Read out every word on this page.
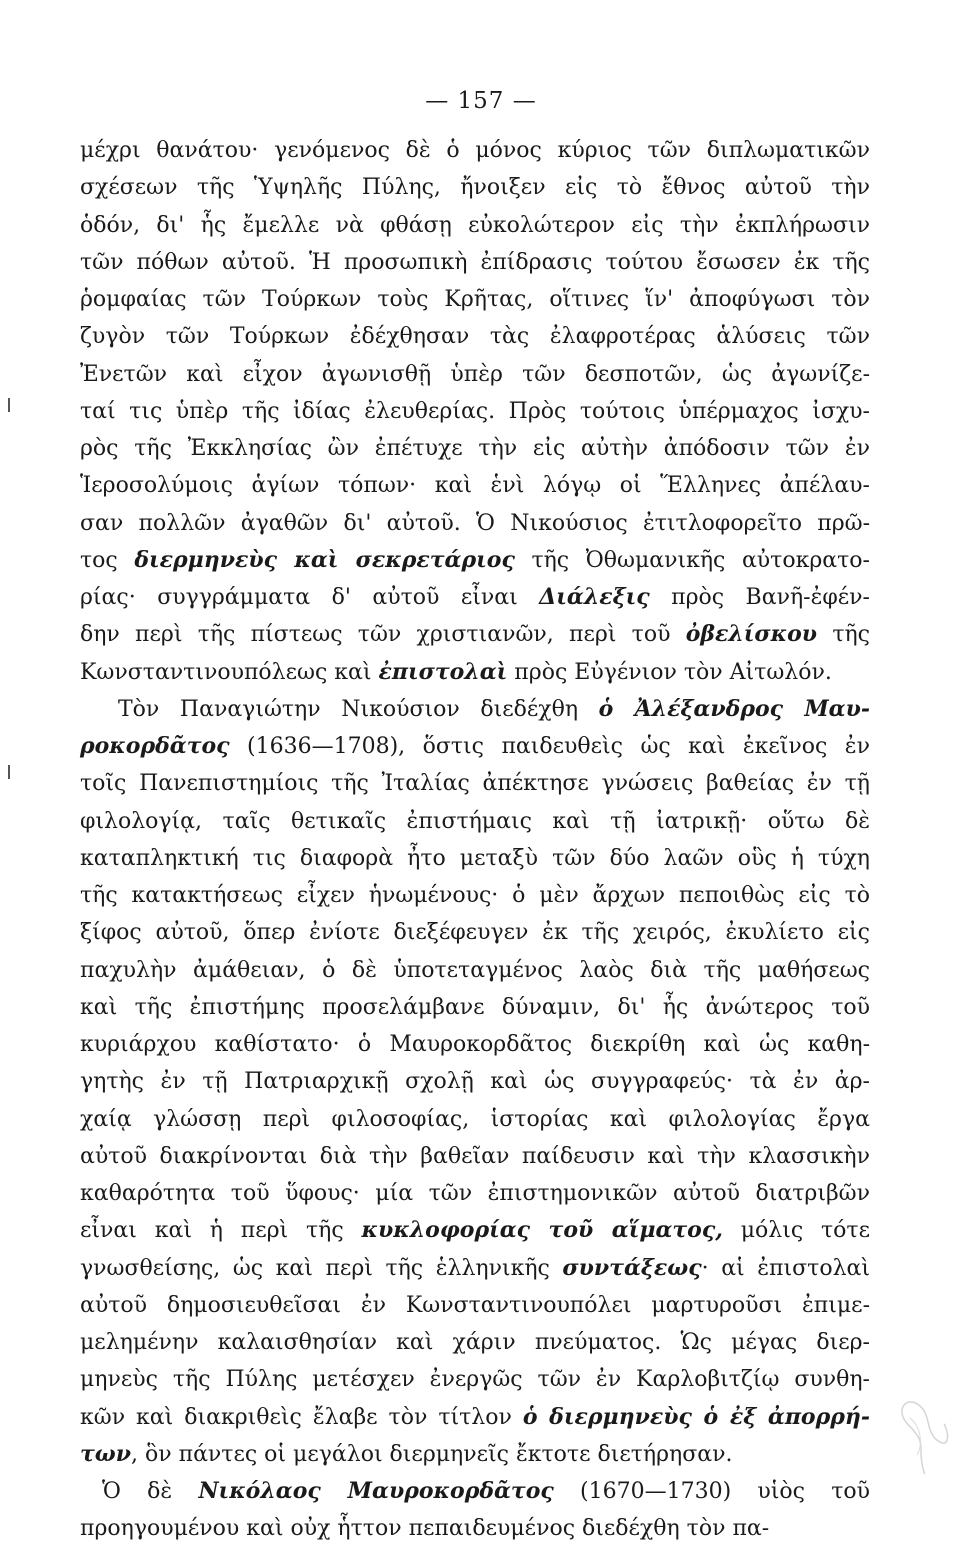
— 157 —
μέχρι θανάτου· γενόμενος δὲ ὁ μόνος κύριος τῶν διπλωματικῶν
σχέσεων τῆς Ὑψηλῆς Πύλης, ἤνοιξεν εἰς τὸ ἔθνος αὐτοῦ τὴν
ὁδόν, δι' ἧς ἔμελλε νὰ φθάσῃ εὐκολώτερον εἰς τὴν ἐκπλήρωσιν
τῶν πόθων αὐτοῦ. Ἡ προσωπικὴ ἐπίδρασις τούτου ἔσωσεν ἐκ τῆς
ῥομφαίας τῶν Τούρκων τοὺς Κρῆτας, οἵτινες ἵν' ἀποφύγωσι τὸν
ζυγὸν τῶν Τούρκων ἐδέχθησαν τὰς ἐλαφροτέρας ἁλύσεις τῶν
Ἐνετῶν καὶ εἶχον ἀγωνισθῇ ὑπὲρ τῶν δεσποτῶν, ὡς ἀγωνίζε-
ταί τις ὑπὲρ τῆς ἰδίας ἐλευθερίας. Πρὸς τούτοις ὑπέρμαχος ἰσχυ-
ρὸς τῆς Ἐκκλησίας ὢν ἐπέτυχε τὴν εἰς αὐτὴν ἀπόδοσιν τῶν ἐν
Ἱεροσολύμοις ἁγίων τόπων· καὶ ἑνὶ λόγῳ οἱ Ἕλληνες ἀπέλαυ-
σαν πολλῶν ἀγαθῶν δι' αὐτοῦ. Ὁ Νικούσιος ἐτιτλοφορεῖτο πρῶ-
τος διερμηνεὺς καὶ σεκρετάριος τῆς Ὀθωμανικῆς αὐτοκρατο-
ρίας· συγγράμματα δ' αὐτοῦ εἶναι Διάλεξις πρὸς Βανῆ-ἐφέν-
δην περὶ τῆς πίστεως τῶν χριστιανῶν, περὶ τοῦ ὀβελίσκου τῆς
Κωνσταντινουπόλεως καὶ ἐπιστολαὶ πρὸς Εὐγένιον τὸν Αἰτωλόν.
Τὸν Παναγιώτην Νικούσιον διεδέχθη ὁ Ἀλέξανδρος Μαυ-
ροκορδᾶτος (1636—1708), ὅστις παιδευθεὶς ὡς καὶ ἐκεῖνος ἐν
τοῖς Πανεπιστημίοις τῆς Ἰταλίας ἀπέκτησε γνώσεις βαθείας ἐν τῇ
φιλολογίᾳ, ταῖς θετικαῖς ἐπιστήμαις καὶ τῇ ἰατρικῇ· οὕτω δὲ
καταπληκτική τις διαφορὰ ἦτο μεταξὺ τῶν δύο λαῶν οὓς ἡ τύχη
τῆς κατακτήσεως εἶχεν ἡνωμένους· ὁ μὲν ἄρχων πεποιθὼς εἰς τὸ
ξίφος αὐτοῦ, ὅπερ ἐνίοτε διεξέφευγεν ἐκ τῆς χειρός, ἐκυλίετο εἰς
παχυλὴν ἀμάθειαν, ὁ δὲ ὑποτεταγμένος λαὸς διὰ τῆς μαθήσεως
καὶ τῆς ἐπιστήμης προσελάμβανε δύναμιν, δι' ἧς ἀνώτερος τοῦ
κυριάρχου καθίστατο· ὁ Μαυροκορδᾶτος διεκρίθη καὶ ὡς καθη-
γητὴς ἐν τῇ Πατριαρχικῇ σχολῇ καὶ ὡς συγγραφεύς· τὰ ἐν ἀρ-
χαίᾳ γλώσσῃ περὶ φιλοσοφίας, ἱστορίας καὶ φιλολογίας ἔργα
αὐτοῦ διακρίνονται διὰ τὴν βαθεῖαν παίδευσιν καὶ τὴν κλασσικὴν
καθαρότητα τοῦ ὕφους· μία τῶν ἐπιστημονικῶν αὐτοῦ διατριβῶν
εἶναι καὶ ἡ περὶ τῆς κυκλοφορίας τοῦ αἵματος, μόλις τότε
γνωσθείσης, ὡς καὶ περὶ τῆς ἑλληνικῆς συντάξεως· αἱ ἐπιστολαὶ
αὐτοῦ δημοσιευθεῖσαι ἐν Κωνσταντινουπόλει μαρτυροῦσι ἐπιμε-
μελημένην καλαισθησίαν καὶ χάριν πνεύματος. Ὡς μέγας διερ-
μηνεὺς τῆς Πύλης μετέσχεν ἐνεργῶς τῶν ἐν Καρλοβιτζίῳ συνθη-
κῶν καὶ διακριθεὶς ἔλαβε τὸν τίτλον ὁ διερμηνεὺς ὁ ἐξ ἀπορρή-
των, ὃν πάντες οἱ μεγάλοι διερμηνεῖς ἔκτοτε διετήρησαν.
Ὁ δὲ Νικόλαος Μαυροκορδᾶτος (1670—1730) υἱὸς τοῦ
προηγουμένου καὶ οὐχ ἧττον πεπαιδευμένος διεδέχθη τὸν πα-
